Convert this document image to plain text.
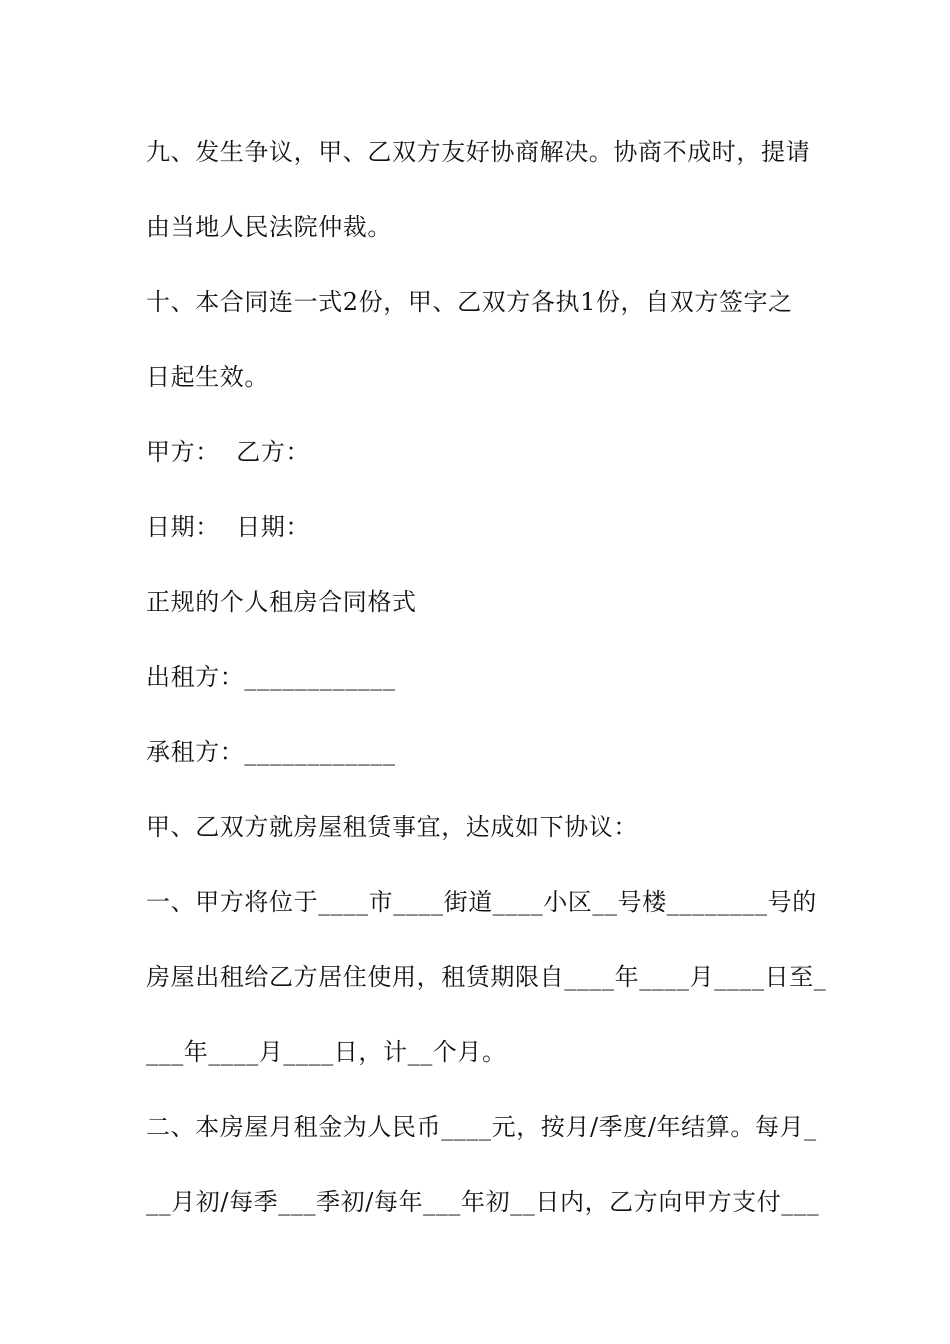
九、发生争议，甲、乙双方友好协商解决。协商不成时，提请
由当地人民法院仲裁。
十、本合同连一式2份，甲、乙双方各执1份，自双方签字之
日起生效。
甲方：  乙方：
日期：  日期：
正规的个人租房合同格式
出租方：____________
承租方：____________
甲、乙双方就房屋租赁事宜，达成如下协议：
一、甲方将位于____市____街道____小区__号楼________号的
房屋出租给乙方居住使用，租赁期限自____年____月____日至_
___年____月____日，计__个月。
二、本房屋月租金为人民币____元，按月/季度/年结算。每月_
__月初/每季___季初/每年___年初__日内，乙方向甲方支付___
